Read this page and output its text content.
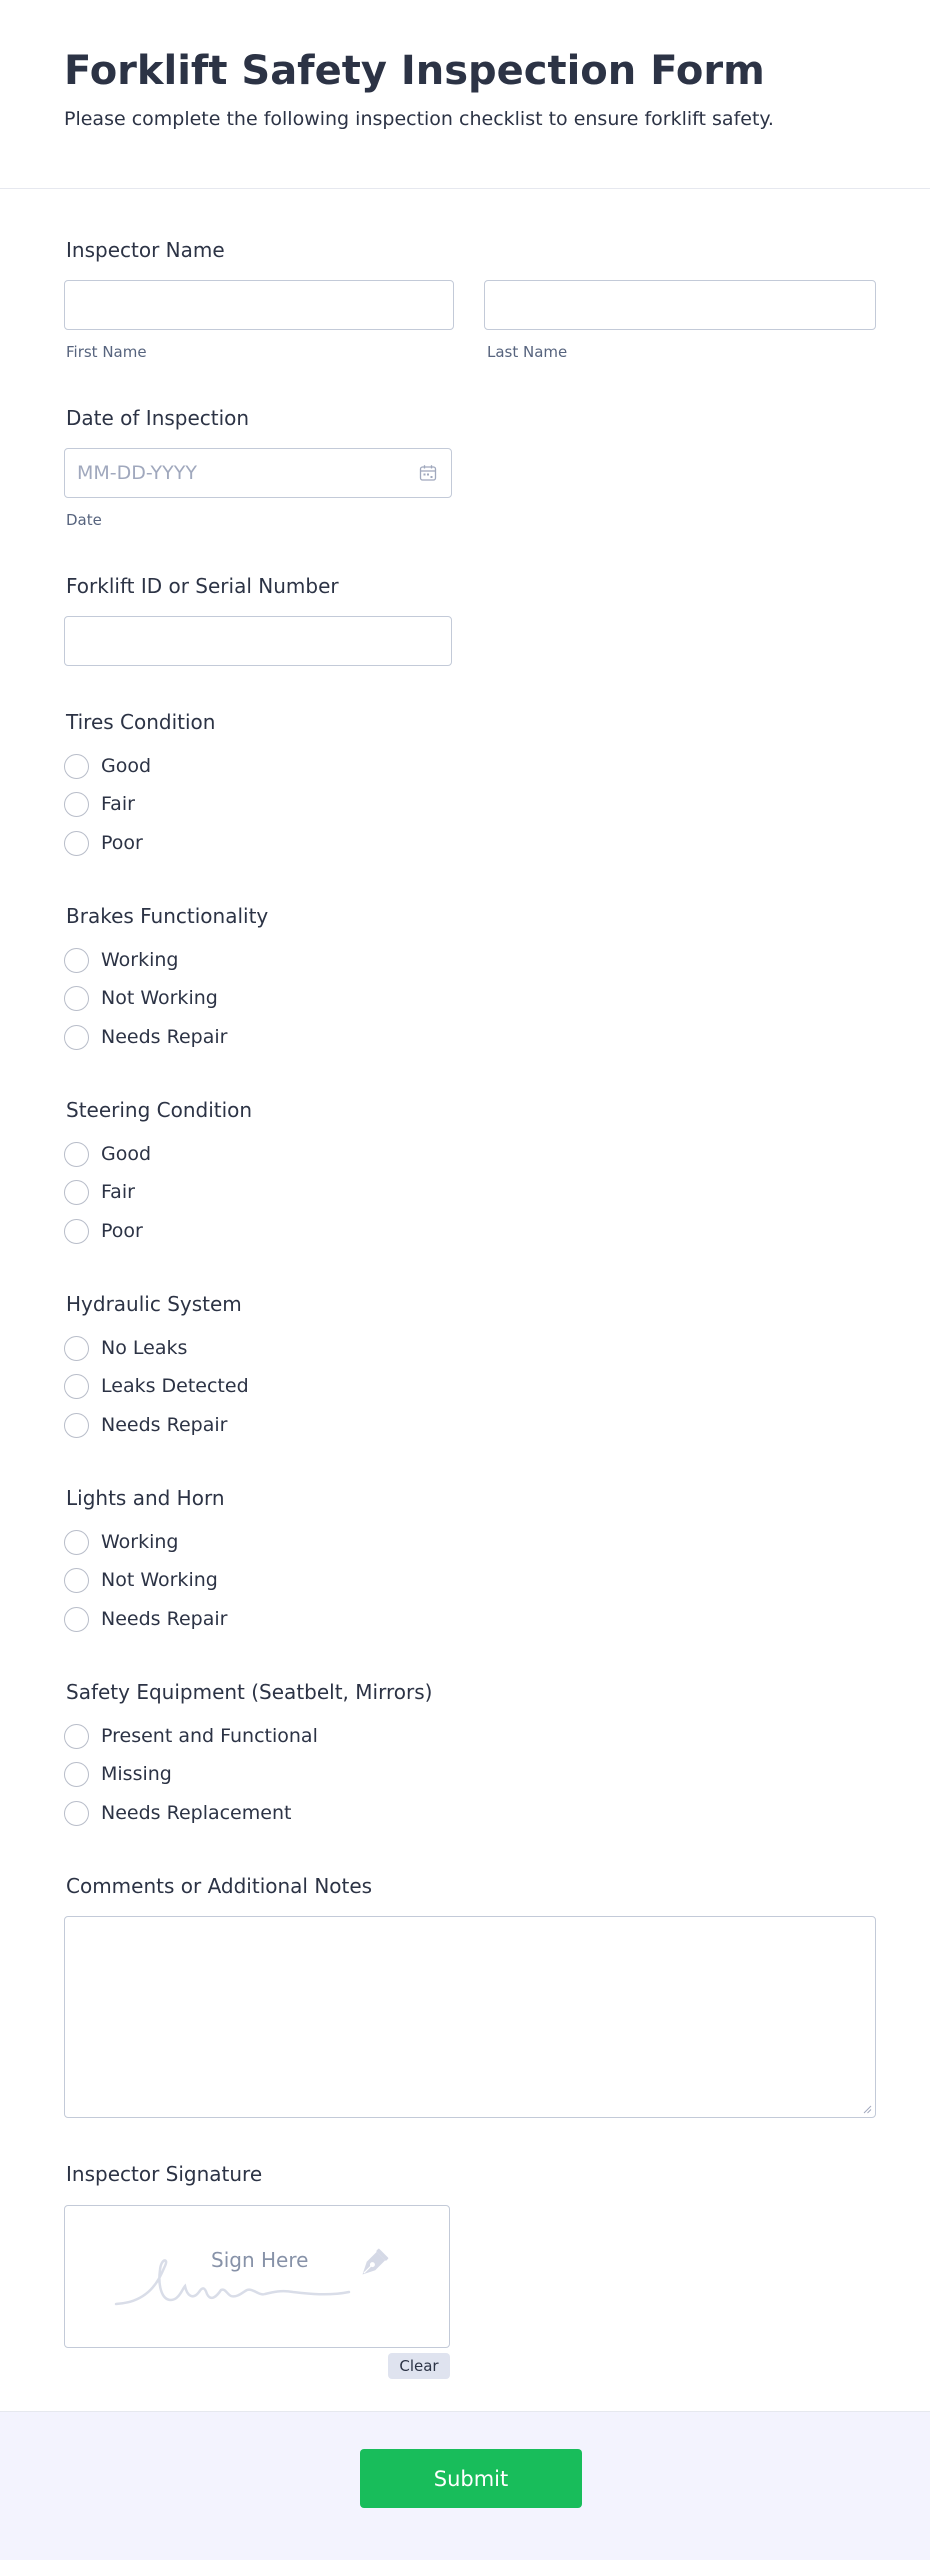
Forklift Safety Inspection Form
Please complete the following inspection checklist to ensure forklift safety.
Inspector Name
First Name	Last Name
Date of Inspection
MM-DD-YYYY
Date
Forklift ID or Serial Number
Tires Condition
Good
Fair
Poor
Brakes Functionality
Working
Not Working
Needs Repair
Steering Condition
Good
Fair
Poor
Hydraulic System
No Leaks
Leaks Detected
Needs Repair
Lights and Horn
Working
Not Working
Needs Repair
Safety Equipment (Seatbelt, Mirrors)
Present and Functional
Missing
Needs Replacement
Comments or Additional Notes
Inspector Signature
Sign Here
Clear
Submit
